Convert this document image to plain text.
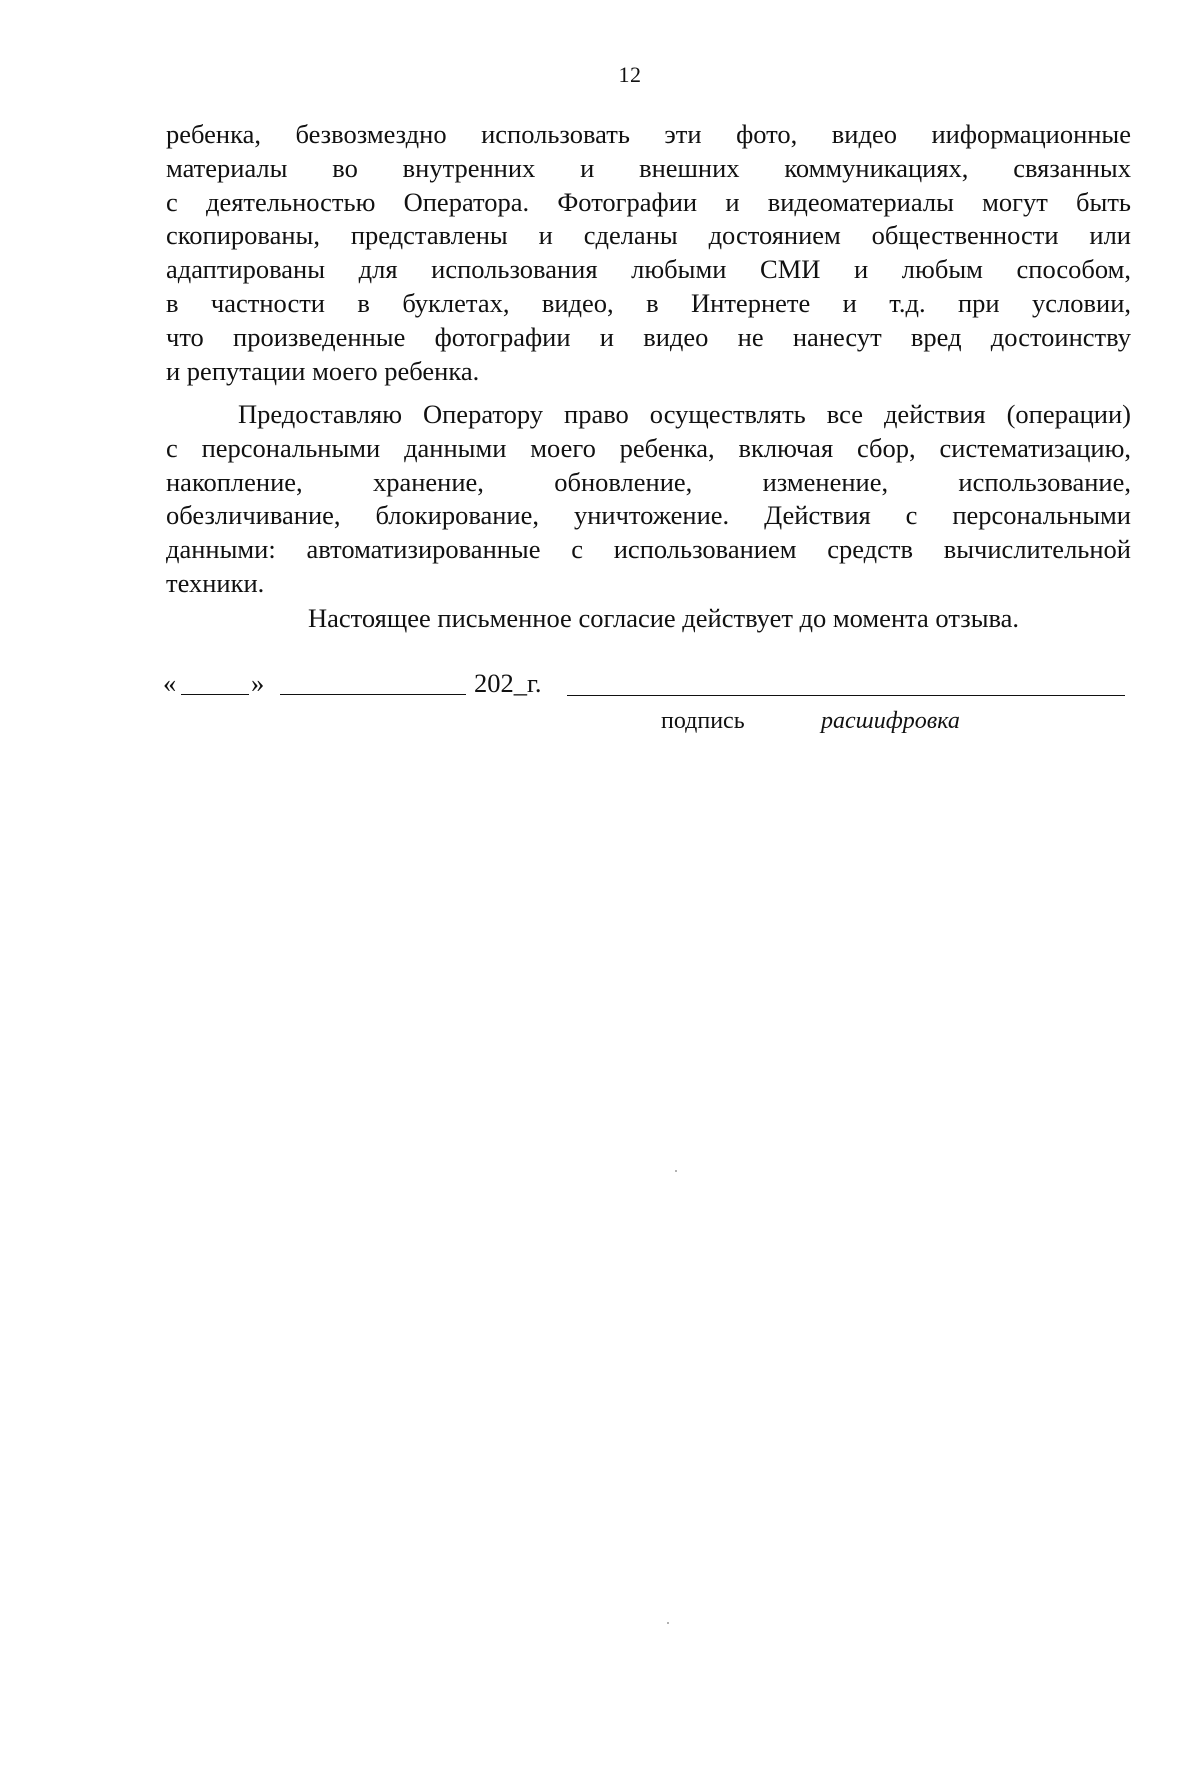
12
ребенка, безвозмездно использовать эти фото, видео ииформационные
материалы во внутренних и внешних коммуникациях, связанных
с деятельностью Оператора. Фотографии и видеоматериалы могут быть
скопированы, представлены и сделаны достоянием общественности или
адаптированы для использования любыми СМИ и любым способом,
в частности в буклетах, видео, в Интернете и т.д. при условии,
что произведенные фотографии и видео не нанесут вред достоинству
и репутации моего ребенка.
Предоставляю Оператору право осуществлять все действия (операции)
с персональными данными моего ребенка, включая сбор, систематизацию,
накопление, хранение, обновление, изменение, использование,
обезличивание, блокирование, уничтожение. Действия с персональными
данными: автоматизированные с использованием средств вычислительной
техники.
Настоящее письменное согласие действует до момента отзыва.
«	»	202_г.
подпись	расшифровка
